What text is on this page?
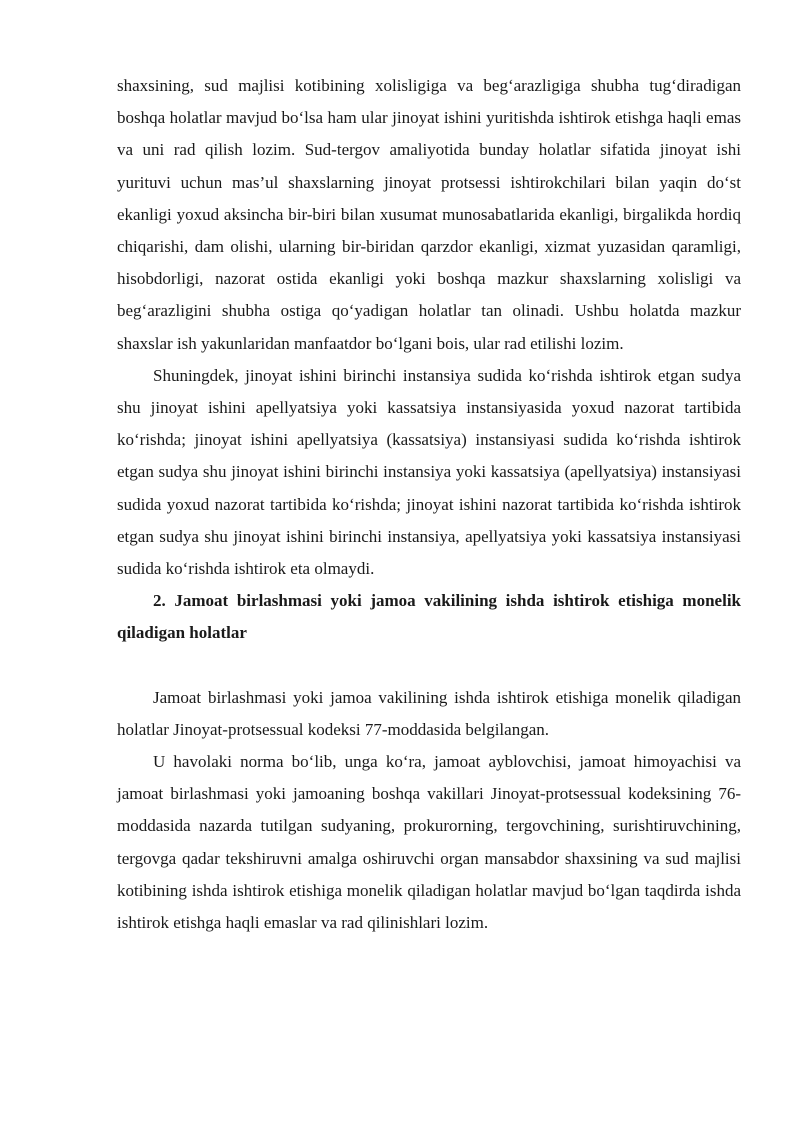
shaxsining, sud majlisi kotibining xolisligiga va beg‘arazligiga shubha tug‘diradigan boshqa holatlar mavjud bo‘lsa ham ular jinoyat ishini yuritishda ishtirok etishga haqli emas va uni rad qilish lozim. Sud-tergov amaliyotida bunday holatlar sifatida jinoyat ishi yurituvi uchun mas’ul shaxslarning jinoyat protsessi ishtirokchilari bilan yaqin do‘st ekanligi yoxud aksincha bir-biri bilan xusumat munosabatlarida ekanligi, birgalikda hordiq chiqarishi, dam olishi, ularning bir-biridan qarzdor ekanligi, xizmat yuzasidan qaramligi, hisobdorligi, nazorat ostida ekanligi yoki boshqa mazkur shaxslarning xolisligi va beg‘arazligini shubha ostiga qo‘yadigan holatlar tan olinadi. Ushbu holatda mazkur shaxslar ish yakunlaridan manfaatdor bo‘lgani bois, ular rad etilishi lozim.

Shuningdek, jinoyat ishini birinchi instansiya sudida ko‘rishda ishtirok etgan sudya shu jinoyat ishini apellyatsiya yoki kassatsiya instansiyasida yoxud nazorat tartibida ko‘rishda; jinoyat ishini apellyatsiya (kassatsiya) instansiyasi sudida ko‘rishda ishtirok etgan sudya shu jinoyat ishini birinchi instansiya yoki kassatsiya (apellyatsiya) instansiyasi sudida yoxud nazorat tartibida ko‘rishda; jinoyat ishini nazorat tartibida ko‘rishda ishtirok etgan sudya shu jinoyat ishini birinchi instansiya, apellyatsiya yoki kassatsiya instansiyasi sudida ko‘rishda ishtirok eta olmaydi.

2. Jamoat birlashmasi yoki jamoa vakilining ishda ishtirok etishiga monelik qiladigan holatlar

Jamoat birlashmasi yoki jamoa vakilining ishda ishtirok etishiga monelik qiladigan holatlar Jinoyat-protsessual kodeksi 77-moddasida belgilangan.

U havolaki norma bo‘lib, unga ko‘ra, jamoat ayblovchisi, jamoat himoyachisi va jamoat birlashmasi yoki jamoaning boshqa vakillari Jinoyat-protsessual kodeksining 76-moddasida nazarda tutilgan sudyaning, prokurorning, tergovchining, surishtiruvchining, tergovga qadar tekshiruvni amalga oshiruvchi organ mansabdor shaxsining va sud majlisi kotibining ishda ishtirok etishiga monelik qiladigan holatlar mavjud bo‘lgan taqdirda ishda ishtirok etishga haqli emaslar va rad qilinishlari lozim.
